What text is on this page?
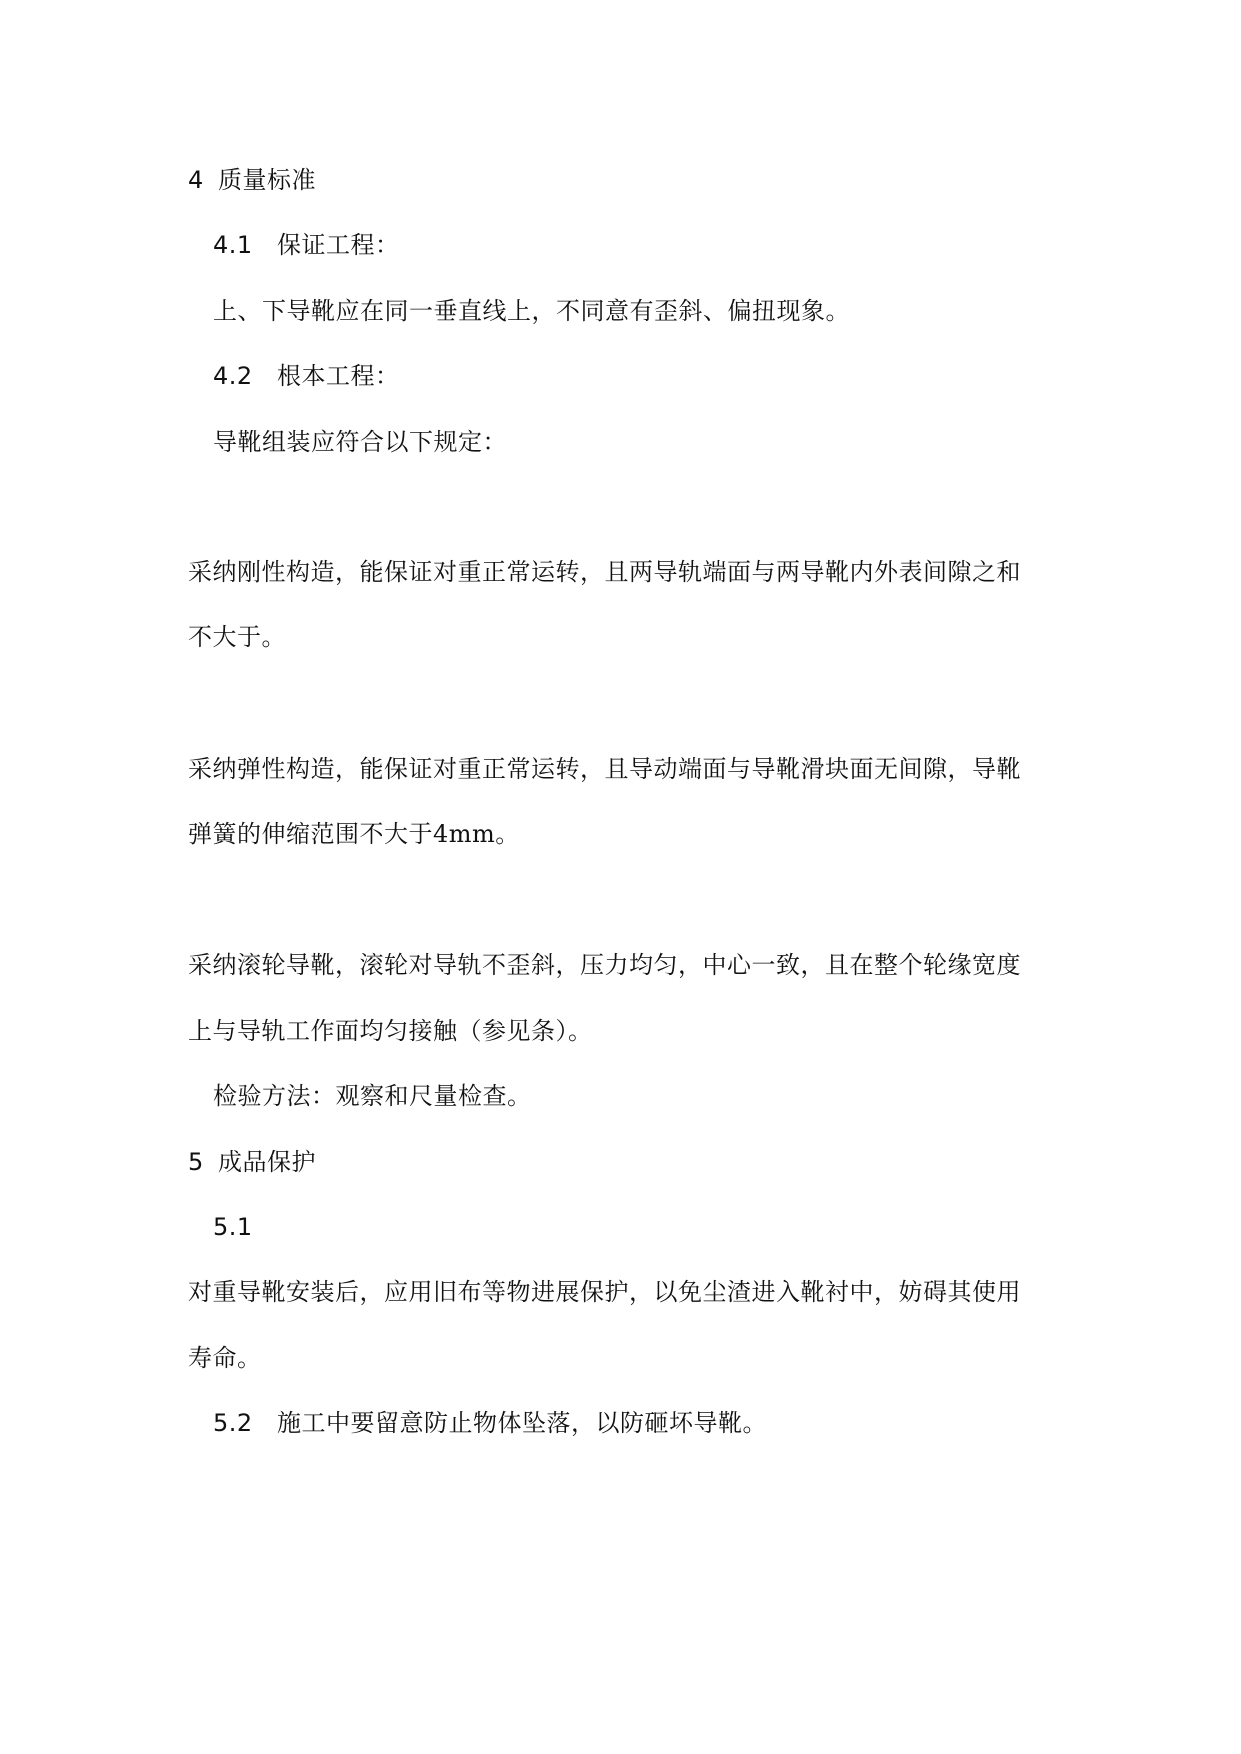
4 质量标准
4.1 保证工程：
上、下导靴应在同一垂直线上，不同意有歪斜、偏扭现象。
4.2 根本工程：
导靴组装应符合以下规定：
采纳刚性构造，能保证对重正常运转，且两导轨端面与两导靴内外表间隙之和
不大于。
采纳弹性构造，能保证对重正常运转，且导动端面与导靴滑块面无间隙，导靴
弹簧的伸缩范围不大于4mm。
采纳滚轮导靴，滚轮对导轨不歪斜，压力均匀，中心一致，且在整个轮缘宽度
上与导轨工作面均匀接触（参见条）。
检验方法：观察和尺量检查。
5 成品保护
5.1
对重导靴安装后，应用旧布等物进展保护，以免尘渣进入靴衬中，妨碍其使用
寿命。
5.2 施工中要留意防止物体坠落，以防砸坏导靴。
